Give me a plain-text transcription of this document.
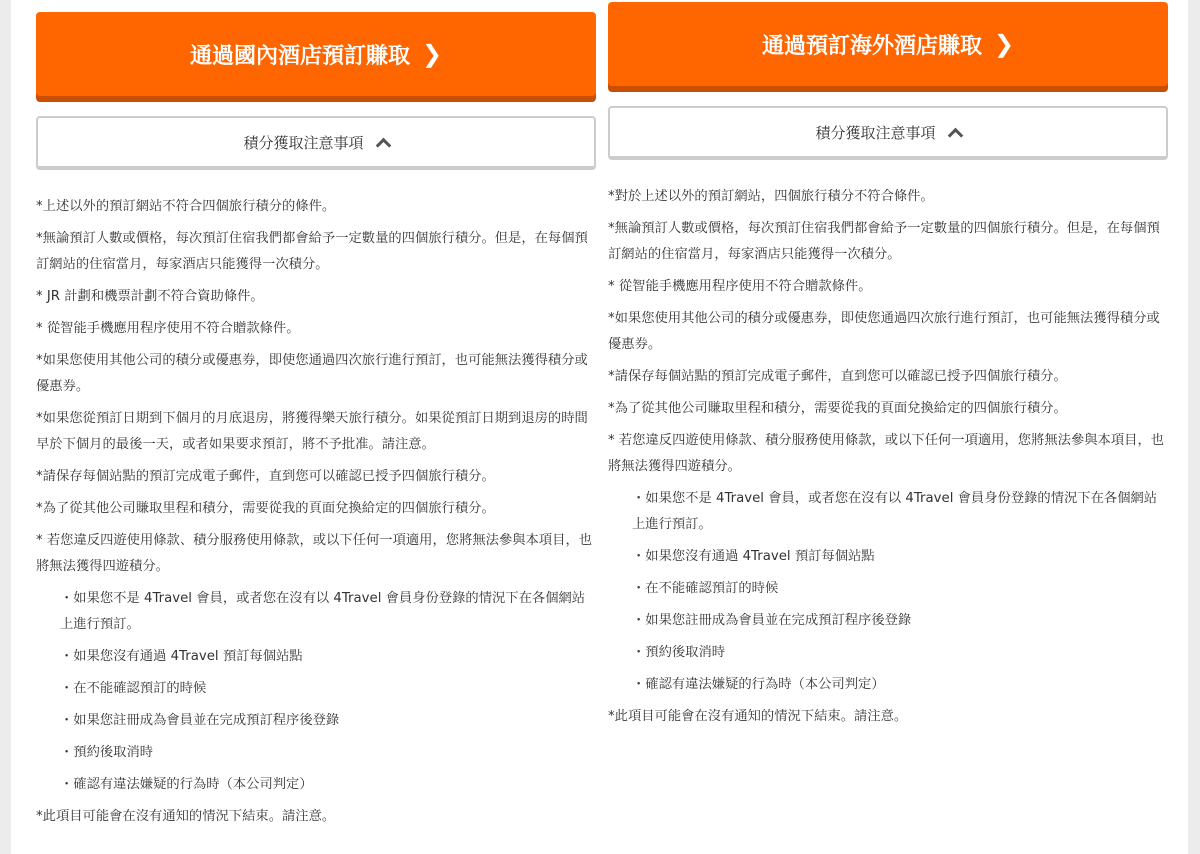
通過國內酒店預訂賺取 ❯
積分獲取注意事項

*上述以外的預訂網站不符合四個旅行積分的條件。

*無論預訂人數或價格，每次預訂住宿我們都會給予一定數量的四個旅行積分。但是，在每個預訂網站的住宿當月，每家酒店只能獲得一次積分。

* JR 計劃和機票計劃不符合資助條件。

* 從智能手機應用程序使用不符合贈款條件。

*如果您使用其他公司的積分或優惠券，即使您通過四次旅行進行預訂，也可能無法獲得積分或優惠券。

*如果您從預訂日期到下個月的月底退房，將獲得樂天旅行積分。如果從預訂日期到退房的時間早於下個月的最後一天，或者如果要求預訂，將不予批准。請注意。

*請保存每個站點的預訂完成電子郵件，直到您可以確認已授予四個旅行積分。

*為了從其他公司賺取里程和積分，需要從我的頁面兌換給定的四個旅行積分。

* 若您違反四遊使用條款、積分服務使用條款，或以下任何一項適用，您將無法參與本項目，也將無法獲得四遊積分。

・如果您不是 4Travel 會員，或者您在沒有以 4Travel 會員身份登錄的情況下在各個網站上進行預訂。

・如果您沒有通過 4Travel 預訂每個站點

・在不能確認預訂的時候

・如果您註冊成為會員並在完成預訂程序後登錄

・預約後取消時

・確認有違法嫌疑的行為時（本公司判定）

*此項目可能會在沒有通知的情況下結束。請注意。

通過預訂海外酒店賺取 ❯
積分獲取注意事項

*對於上述以外的預訂網站，四個旅行積分不符合條件。

*無論預訂人數或價格，每次預訂住宿我們都會給予一定數量的四個旅行積分。但是，在每個預訂網站的住宿當月，每家酒店只能獲得一次積分。

* 從智能手機應用程序使用不符合贈款條件。

*如果您使用其他公司的積分或優惠券，即使您通過四次旅行進行預訂，也可能無法獲得積分或優惠券。

*請保存每個站點的預訂完成電子郵件，直到您可以確認已授予四個旅行積分。

*為了從其他公司賺取里程和積分，需要從我的頁面兌換給定的四個旅行積分。

* 若您違反四遊使用條款、積分服務使用條款，或以下任何一項適用，您將無法參與本項目，也將無法獲得四遊積分。

・如果您不是 4Travel 會員，或者您在沒有以 4Travel 會員身份登錄的情況下在各個網站上進行預訂。

・如果您沒有通過 4Travel 預訂每個站點

・在不能確認預訂的時候

・如果您註冊成為會員並在完成預訂程序後登錄

・預約後取消時

・確認有違法嫌疑的行為時（本公司判定）

*此項目可能會在沒有通知的情況下結束。請注意。
